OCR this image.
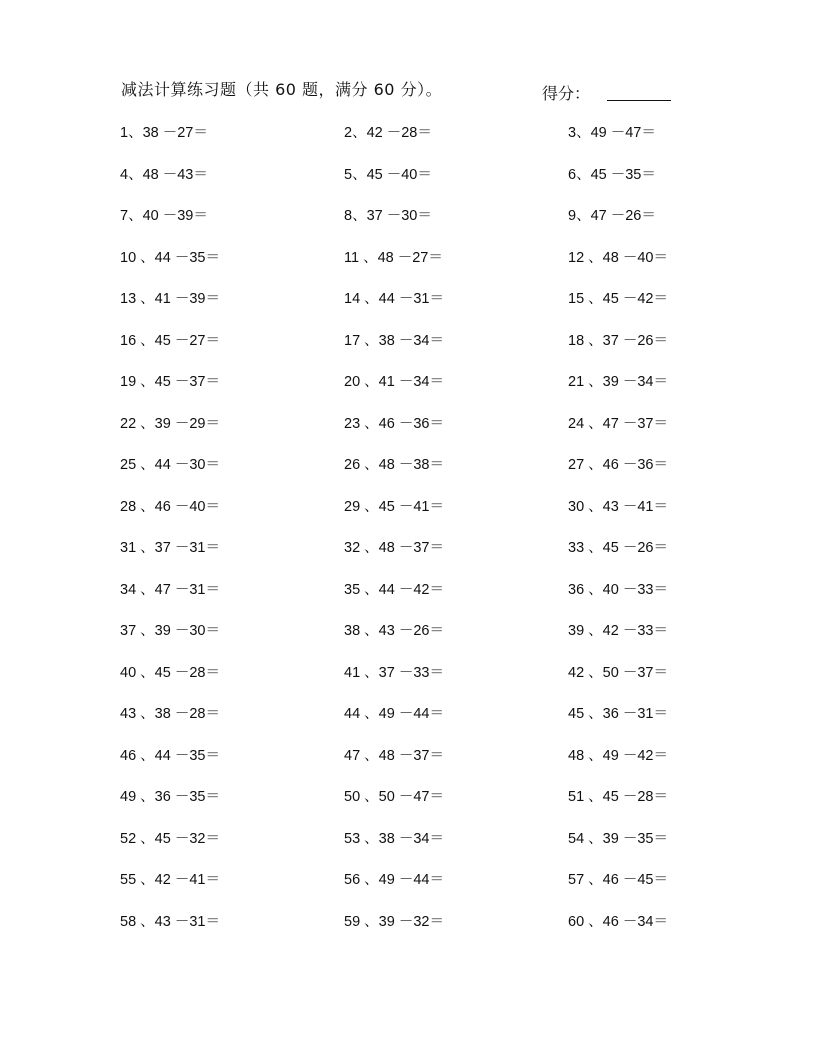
减法计算练习题（共 60 题，满分 60 分）。	得分：
1、38 －27＝	2、42 －28＝	3、49 －47＝
4、48 －43＝	5、45 －40＝	6、45 －35＝
7、40 －39＝	8、37 －30＝	9、47 －26＝
10 、44 －35＝	11 、48 －27＝	12 、48 －40＝
13 、41 －39＝	14 、44 －31＝	15 、45 －42＝
16 、45 －27＝	17 、38 －34＝	18 、37 －26＝
19 、45 －37＝	20 、41 －34＝	21 、39 －34＝
22 、39 －29＝	23 、46 －36＝	24 、47 －37＝
25 、44 －30＝	26 、48 －38＝	27 、46 －36＝
28 、46 －40＝	29 、45 －41＝	30 、43 －41＝
31 、37 －31＝	32 、48 －37＝	33 、45 －26＝
34 、47 －31＝	35 、44 －42＝	36 、40 －33＝
37 、39 －30＝	38 、43 －26＝	39 、42 －33＝
40 、45 －28＝	41 、37 －33＝	42 、50 －37＝
43 、38 －28＝	44 、49 －44＝	45 、36 －31＝
46 、44 －35＝	47 、48 －37＝	48 、49 －42＝
49 、36 －35＝	50 、50 －47＝	51 、45 －28＝
52 、45 －32＝	53 、38 －34＝	54 、39 －35＝
55 、42 －41＝	56 、49 －44＝	57 、46 －45＝
58 、43 －31＝	59 、39 －32＝	60 、46 －34＝
